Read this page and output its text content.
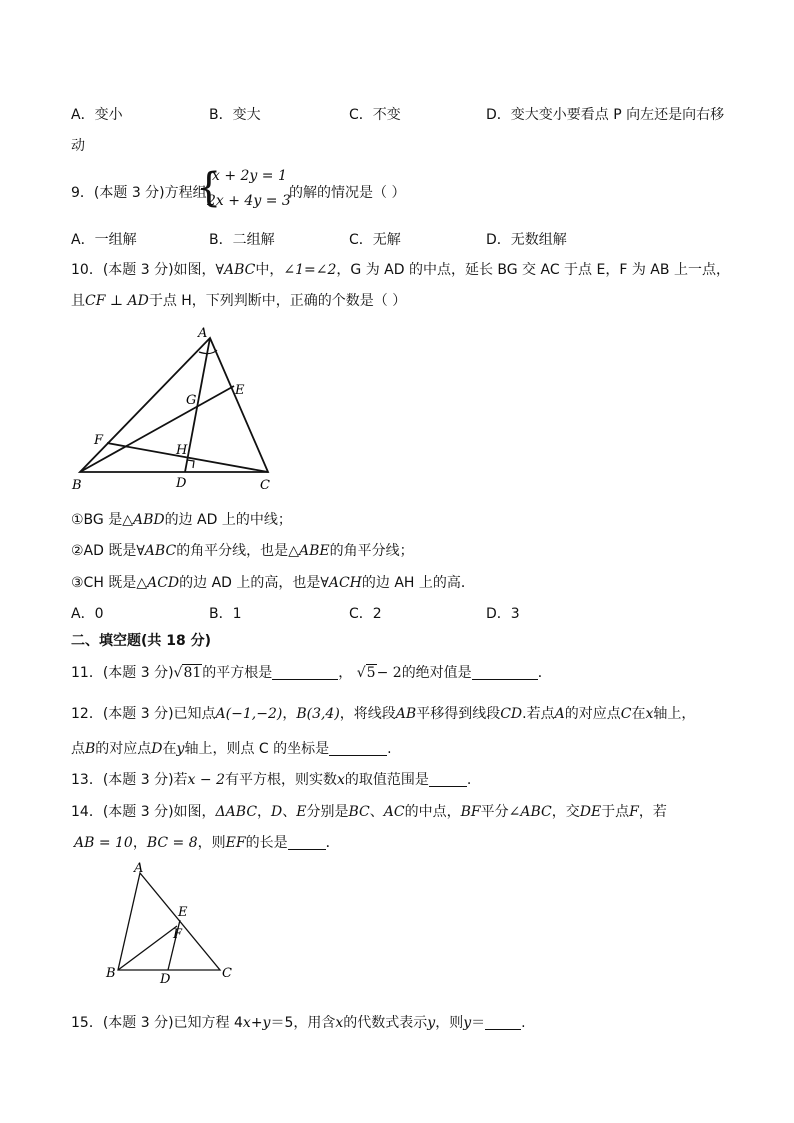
A．变小	B．变大	C．不变	D．变大变小要看点 P 向左还是向右移
动
9．(本题 3 分)方程组
{
x + 2y = 1
2x + 4y = 3
的解的情况是（ ）
A．一组解	B．二组解	C．无解	D．无数组解
10．(本题 3 分)如图，∀ABC中，∠1=∠2，G 为 AD 的中点，延长 BG 交 AC 于点 E，F 为 AB 上一点，
且CF ⊥ AD于点 H，下列判断中，正确的个数是（ ）
A
B	C
D
E
F
G
H
①BG 是△ABD的边 AD 上的中线；
②AD 既是∀ABC的角平分线，也是△ABE的角平分线；
③CH 既是△ACD的边 AD 上的高，也是∀ACH的边 AH 上的高．
A．0	B．1	C．2	D．3
二、填空题(共 18 分)
11．(本题 3 分)√81的平方根是	， √5− 2的绝对值是	．
12．(本题 3 分)已知点A(−1,−2)，B(3,4)，将线段AB平移得到线段CD.若点A的对应点C在x轴上，
点B的对应点D在y轴上，则点 C 的坐标是	.
13．(本题 3 分)若x − 2有平方根，则实数x的取值范围是	.
14．(本题 3 分)如图，ΔABC，D、E分别是BC、AC的中点，BF平分∠ABC，交DE于点F，若
AB = 10，BC = 8，则EF的长是	．
A
B	C
D
E
F
15．(本题 3 分)已知方程 4x+y＝5，用含x的代数式表示y，则y＝	.
